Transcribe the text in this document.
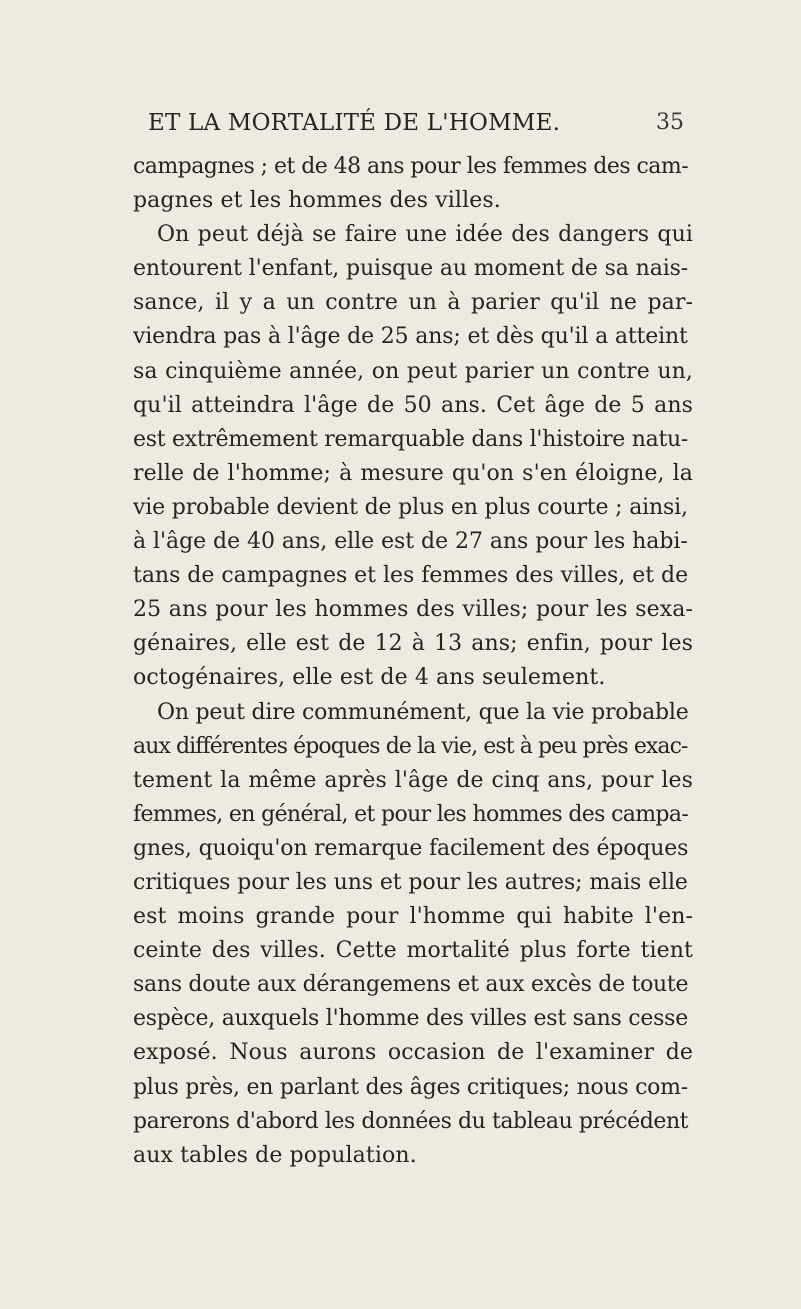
ET LA MORTALITÉ DE L'HOMME.	35
campagnes ; et de 48 ans pour les femmes des cam-
pagnes et les hommes des villes.
On peut déjà se faire une idée des dangers qui
entourent l'enfant, puisque au moment de sa nais-
sance, il y a un contre un à parier qu'il ne par-
viendra pas à l'âge de 25 ans; et dès qu'il a atteint
sa cinquième année, on peut parier un contre un,
qu'il atteindra l'âge de 50 ans. Cet âge de 5 ans
est extrêmement remarquable dans l'histoire natu-
relle de l'homme; à mesure qu'on s'en éloigne, la
vie probable devient de plus en plus courte ; ainsi,
à l'âge de 40 ans, elle est de 27 ans pour les habi-
tans de campagnes et les femmes des villes, et de
25 ans pour les hommes des villes; pour les sexa-
génaires, elle est de 12 à 13 ans; enfin, pour les
octogénaires, elle est de 4 ans seulement.
On peut dire communément, que la vie probable
aux différentes époques de la vie, est à peu près exac-
tement la même après l'âge de cinq ans, pour les
femmes, en général, et pour les hommes des campa-
gnes, quoiqu'on remarque facilement des époques
critiques pour les uns et pour les autres; mais elle
est moins grande pour l'homme qui habite l'en-
ceinte des villes. Cette mortalité plus forte tient
sans doute aux dérangemens et aux excès de toute
espèce, auxquels l'homme des villes est sans cesse
exposé. Nous aurons occasion de l'examiner de
plus près, en parlant des âges critiques; nous com-
parerons d'abord les données du tableau précédent
aux tables de population.
